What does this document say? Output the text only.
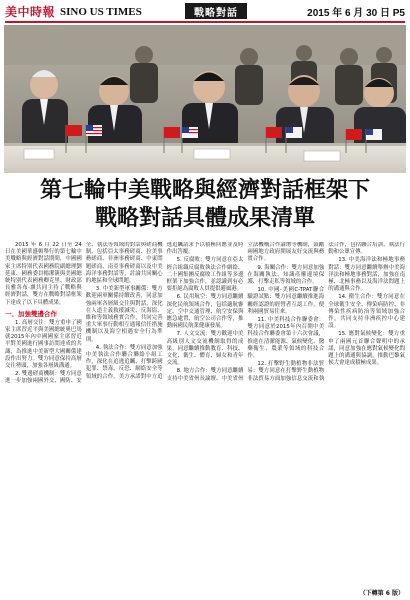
美中時報 SINO US TIMES	戰略對話	2015 年 6 月 30 日 P5
第七輪中美戰略與經濟對話框架下
戰略對話具體成果清單

2015 年 6 月 22 日至 24 日在美國華盛頓舉行的第七輪中美戰略與經濟對話期間，中國國家主席特別代表國務院副總理劉延東、國務委員楊潔篪與美國總統特別代表國務卿克里、財政部長雅各布‧盧共同主持了戰略與經濟對話，雙方在戰略對話框架下達成了以下具體成果。

一、加強雙邊合作

1. 高層交往：雙方重申了國家主席習近平與美國總統奧巴馬就2015年內中國國家主席習近平對美國進行國事訪問達成的共識，為推進中美新型大國關係建設作出努力。雙方同意保持高層交往勢頭，加強各層級溝通。

2. 雙邊磋商機制：雙方同意進一步加強兩國外交、國防、安全、執法等領域的對話與磋商機制，包括亞太事務磋商、拉美事務磋商、非洲事務磋商、中東問題磋商、南亞事務磋商以及中美海洋事務對話等，討論共同關心的地區和全球問題。

3. 中美新型軍事關係：雙方歡迎兩軍關係持續改善，同意加強兩軍各層級交往與對話，深化在人道主義救援減災、反海盜、維和等領域務實合作，共同完善重大軍事行動相互通報信任措施機制以及海空相遇安全行為準則。

4. 執法合作：雙方同意加強中美執法合作聯合聯絡小組工作，深化在追逃追贓、打擊跨國犯罪、禁毒、反恐、網絡安全等領域的合作。美方承諾對中方追逃追贓請求予以積極回應並及時作出答覆。

5. 反腐敗：雙方同意在亞太經合組織反腐敗執法合作網絡、二十國集團反腐敗工作組等多邊框架下加強合作，並認識到有必要拒絕為腐敗人員提供避風港。

6. 民用航空：雙方同意繼續深化民航領域合作，包括適航審定、空中交通管理、航空安保與應急處置、航空公司合作等，推動兩國民航業健康發展。

7. 人文交流：雙方歡迎中美高級別人文交流機制取得的成果，同意繼續推動教育、科技、文化、衛生、體育、婦女和青年交流。

8. 地方合作：雙方同意繼續支持中美省州長論壇、中美省州立法機構合作論壇等機制，鼓勵兩國地方政府開展友好交流與務實合作。

9. 海關合作：雙方同意加強在海關執法、知識產權邊境保護、打擊走私等領域的合作。

10. 中國-美國C-TPAT聯合驗證試點：雙方同意繼續推進海關經認證的經營者互認工作，便利兩國貿易往來。

11. 中美科技合作聯委會：雙方同意於2015年內召開中美科技合作聯委會第十六次會議，推進在清潔能源、氣候變化、醫藥衛生、農業等領域的科技合作。

12. 打擊野生動植物非法貿易：雙方同意在打擊野生動植物非法貿易方面加強信息交流和執法合作，包括聯合培訓、執法行動和公眾宣傳。

13. 中美海洋法和極地事務對話：雙方同意繼續舉辦中美海洋法和極地事務對話，加強在南極、北極事務以及海洋法問題上的溝通與合作。

14. 衛生合作：雙方同意在全球衛生安全、傳染病防控、非傳染性疾病防治等領域加強合作，共同支持非洲疾控中心建設。

15. 應對氣候變化：雙方重申了兩國元首聯合聲明中的承諾，同意加強在應對氣候變化問題上的溝通與協調，推動巴黎氣候大會達成積極成果。

（下轉第 6 版）
